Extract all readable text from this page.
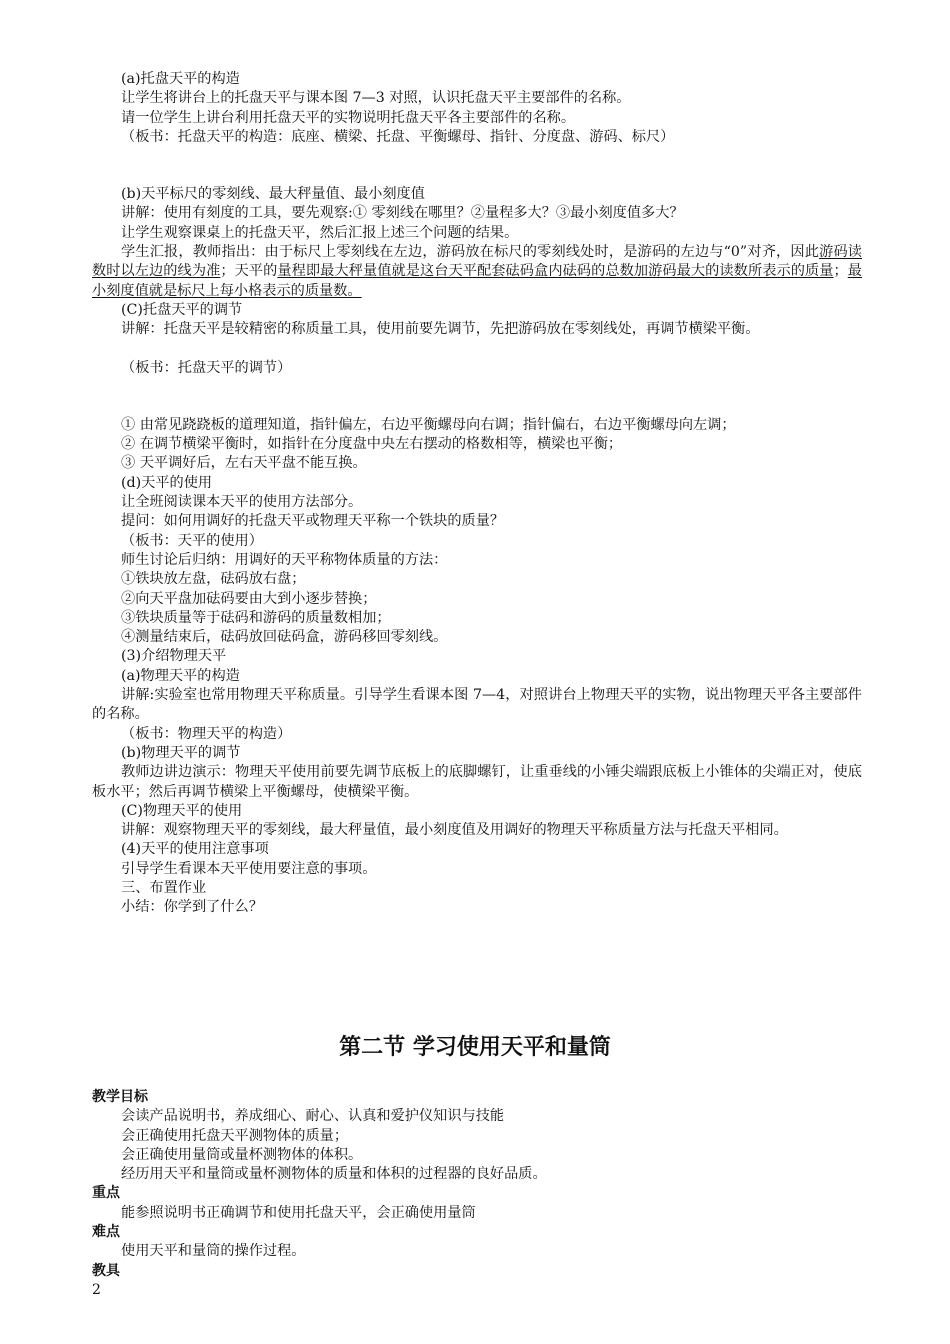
(a)托盘天平的构造
让学生将讲台上的托盘天平与课本图 7—3 对照，认识托盘天平主要部件的名称。
请一位学生上讲台利用托盘天平的实物说明托盘天平各主要部件的名称。
（板书：托盘天平的构造：底座、横梁、托盘、平衡螺母、指针、分度盘、游码、标尺）
(b)天平标尺的零刻线、最大秤量值、最小刻度值
讲解：使用有刻度的工具，要先观察:① 零刻线在哪里？②量程多大？③最小刻度值多大？
让学生观察课桌上的托盘天平，然后汇报上述三个问题的结果。
学生汇报，教师指出：由于标尺上零刻线在左边，游码放在标尺的零刻线处时，是游码的左边与“0”对齐，因此游码读数时以左边的线为准；天平的量程即最大秤量值就是这台天平配套砝码盒内砝码的总数加游码最大的读数所表示的质量；最小刻度值就是标尺上每小格表示的质量数。
(C)托盘天平的调节
讲解：托盘天平是较精密的称质量工具，使用前要先调节，先把游码放在零刻线处，再调节横梁平衡。
（板书：托盘天平的调节）
① 由常见跷跷板的道理知道，指针偏左，右边平衡螺母向右调；指针偏右，右边平衡螺母向左调；
② 在调节横梁平衡时，如指针在分度盘中央左右摆动的格数相等，横梁也平衡；
③ 天平调好后，左右天平盘不能互换。
(d)天平的使用
让全班阅读课本天平的使用方法部分。
提问：如何用调好的托盘天平或物理天平称一个铁块的质量？
（板书：天平的使用）
师生讨论后归纳：用调好的天平称物体质量的方法：
①铁块放左盘，砝码放右盘；
②向天平盘加砝码要由大到小逐步替换；
③铁块质量等于砝码和游码的质量数相加；
④测量结束后，砝码放回砝码盒，游码移回零刻线。
(3)介绍物理天平
(a)物理天平的构造
讲解:实验室也常用物理天平称质量。引导学生看课本图 7—4，对照讲台上物理天平的实物，说出物理天平各主要部件的名称。
（板书：物理天平的构造）
(b)物理天平的调节
教师边讲边演示：物理天平使用前要先调节底板上的底脚螺钉，让重垂线的小锤尖端跟底板上小锥体的尖端正对，使底板水平；然后再调节横梁上平衡螺母，使横梁平衡。
(C)物理天平的使用
讲解：观察物理天平的零刻线，最大秤量值，最小刻度值及用调好的物理天平称质量方法与托盘天平相同。
(4)天平的使用注意事项
引导学生看课本天平使用要注意的事项。
三、布置作业
小结：你学到了什么？
第二节 学习使用天平和量筒
教学目标
会读产品说明书，养成细心、耐心、认真和爱护仪知识与技能
会正确使用托盘天平测物体的质量；
会正确使用量筒或量杯测物体的体积。
经历用天平和量筒或量杯测物体的质量和体积的过程器的良好品质。
重点
能参照说明书正确调节和使用托盘天平，会正确使用量筒
难点
使用天平和量筒的操作过程。
教具
2
